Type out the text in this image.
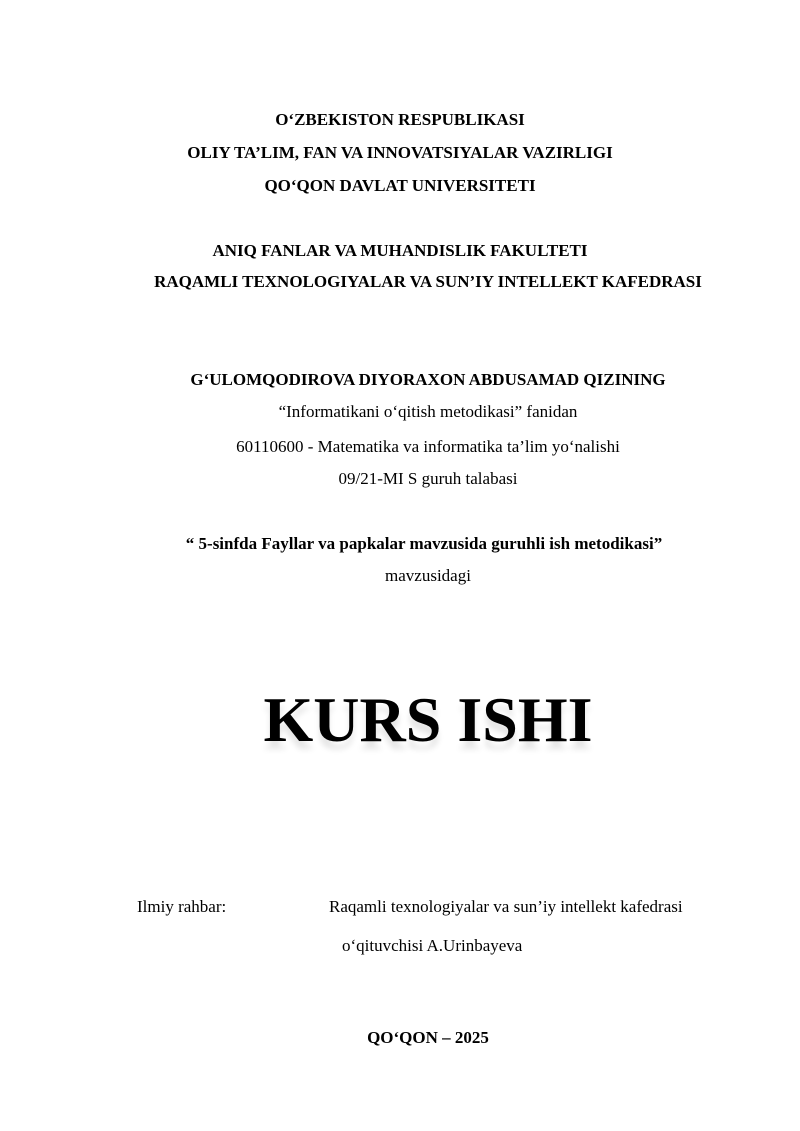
O‘ZBEKISTON RESPUBLIKASI
OLIY TA’LIM, FAN VA INNOVATSIYALAR VAZIRLIGI
QO‘QON DAVLAT UNIVERSITETI
ANIQ FANLAR VA MUHANDISLIK FAKULTETI
RAQAMLI TEXNOLOGIYALAR VA SUN’IY INTELLEKT KAFEDRASI
G‘ULOMQODIROVA DIYORAXON ABDUSAMAD QIZINING
“Informatikani o‘qitish metodikasi” fanidan
60110600 - Matematika va informatika ta’lim yo‘nalishi
09/21-MI S guruh talabasi
“ 5-sinfda Fayllar va papkalar mavzusida guruhli ish metodikasi”
mavzusidagi
KURS ISHI
Ilmiy rahbar:	Raqamli texnologiyalar va sun’iy intellekt kafedrasi
o‘qituvchisi A.Urinbayeva
QO‘QON – 2025
